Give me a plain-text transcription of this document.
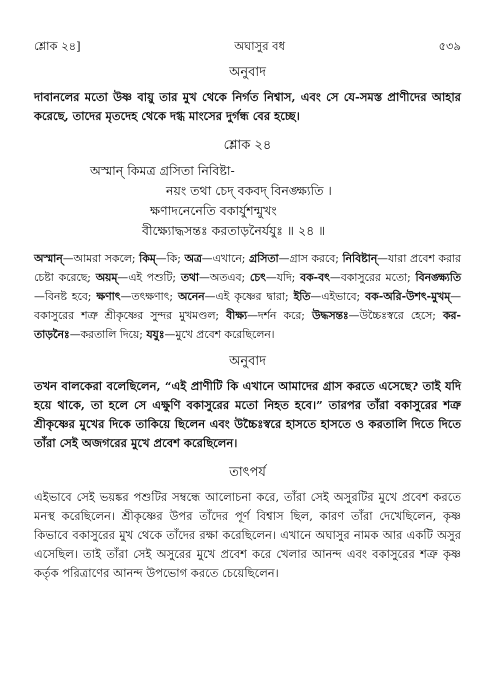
শ্লোক ২৪]	অঘাসুর বধ	৫৩৯
অনুবাদ

দাবানলের মতো উষ্ণ বায়ু তার মুখ থেকে নির্গত নিশ্বাস, এবং সে যে-সমস্ত প্রাণীদের আহার করেছে, তাদের মৃতদেহ থেকে দগ্ধ মাংসের দুর্গন্ধ বের হচ্ছে।

শ্লোক ২৪
অস্মান্ কিমত্র গ্রসিতা নিবিষ্টা-
নয়ং তথা চেদ্ বকবদ্ বিনঙ্ক্ষ্যতি ।
ক্ষণাদনেনেতি বকার্যুশন্মুখং
বীক্ষ্যোদ্ধসন্তঃ করতাড়নৈর্যযুঃ ॥ ২৪ ॥

অস্মান্—আমরা সকলে; কিম্—কি; অত্র—এখানে; গ্রসিতা—গ্রাস করবে; নিবিষ্টান্—যারা প্রবেশ করার চেষ্টা করেছে; অয়ম্—এই পশুটি; তথা—অতএব; চেৎ—যদি; বক-বৎ—বকাসুরের মতো; বিনঙ্ক্ষ্যতি—বিনষ্ট হবে; ক্ষণাৎ—তৎক্ষণাৎ; অনেন—এই কৃষ্ণের দ্বারা; ইতি—এইভাবে; বক-অরি-উশৎ-মুখম্—বকাসুরের শত্রু শ্রীকৃষ্ণের সুন্দর মুখমণ্ডল; বীক্ষ্য—দর্শন করে; উদ্ধসন্তঃ—উচ্চৈঃস্বরে হেসে; কর-তাড়নৈঃ—করতালি দিয়ে; যযুঃ—মুখে প্রবেশ করেছিলেন।

অনুবাদ

তখন বালকেরা বলেছিলেন, “এই প্রাণীটি কি এখানে আমাদের গ্রাস করতে এসেছে? তাই যদি হয়ে থাকে, তা হলে সে এক্ষুণি বকাসুরের মতো নিহত হবে।” তারপর তাঁরা বকাসুরের শত্রু শ্রীকৃষ্ণের মুখের দিকে তাকিয়ে ছিলেন এবং উচ্চৈঃস্বরে হাসতে হাসতে ও করতালি দিতে দিতে তাঁরা সেই অজগরের মুখে প্রবেশ করেছিলেন।

তাৎপর্য

এইভাবে সেই ভয়ঙ্কর পশুটির সম্বন্ধে আলোচনা করে, তাঁরা সেই অসুরটির মুখে প্রবেশ করতে মনস্থ করেছিলেন। শ্রীকৃষ্ণের উপর তাঁদের পূর্ণ বিশ্বাস ছিল, কারণ তাঁরা দেখেছিলেন, কৃষ্ণ কিভাবে বকাসুরের মুখ থেকে তাঁদের রক্ষা করেছিলেন। এখানে অঘাসুর নামক আর একটি অসুর এসেছিল। তাই তাঁরা সেই অসুরের মুখে প্রবেশ করে খেলার আনন্দ এবং বকাসুরের শত্রু কৃষ্ণ কর্তৃক পরিত্রাণের আনন্দ উপভোগ করতে চেয়েছিলেন।
